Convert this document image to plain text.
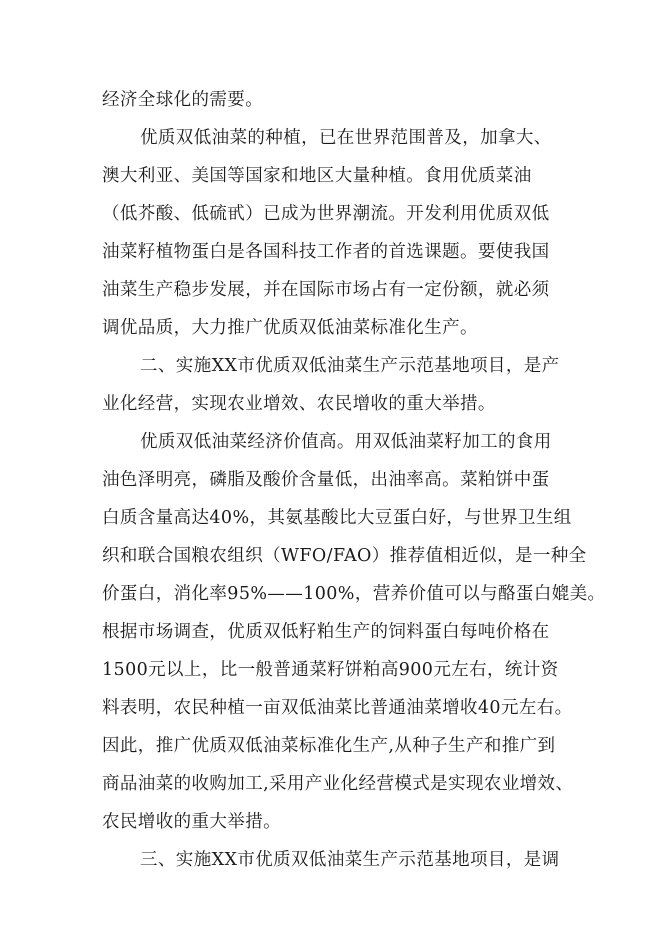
经济全球化的需要。
优质双低油菜的种植，已在世界范围普及，加拿大、
澳大利亚、美国等国家和地区大量种植。食用优质菜油
（低芥酸、低硫甙）已成为世界潮流。开发利用优质双低
油菜籽植物蛋白是各国科技工作者的首选课题。要使我国
油菜生产稳步发展，并在国际市场占有一定份额，就必须
调优品质，大力推广优质双低油菜标准化生产。
二、实施XX市优质双低油菜生产示范基地项目，是产
业化经营，实现农业增效、农民增收的重大举措。
优质双低油菜经济价值高。用双低油菜籽加工的食用
油色泽明亮，磷脂及酸价含量低，出油率高。菜粕饼中蛋
白质含量高达40%，其氨基酸比大豆蛋白好，与世界卫生组
织和联合国粮农组织（WFO/FAO）推荐值相近似，是一种全
价蛋白，消化率95%——100%，营养价值可以与酪蛋白媲美。
根据市场调查，优质双低籽粕生产的饲料蛋白每吨价格在
1500元以上，比一般普通菜籽饼粕高900元左右，统计资
料表明，农民种植一亩双低油菜比普通油菜增收40元左右。
因此，推广优质双低油菜标准化生产,从种子生产和推广到
商品油菜的收购加工,采用产业化经营模式是实现农业增效、
农民增收的重大举措。
三、实施XX市优质双低油菜生产示范基地项目，是调
